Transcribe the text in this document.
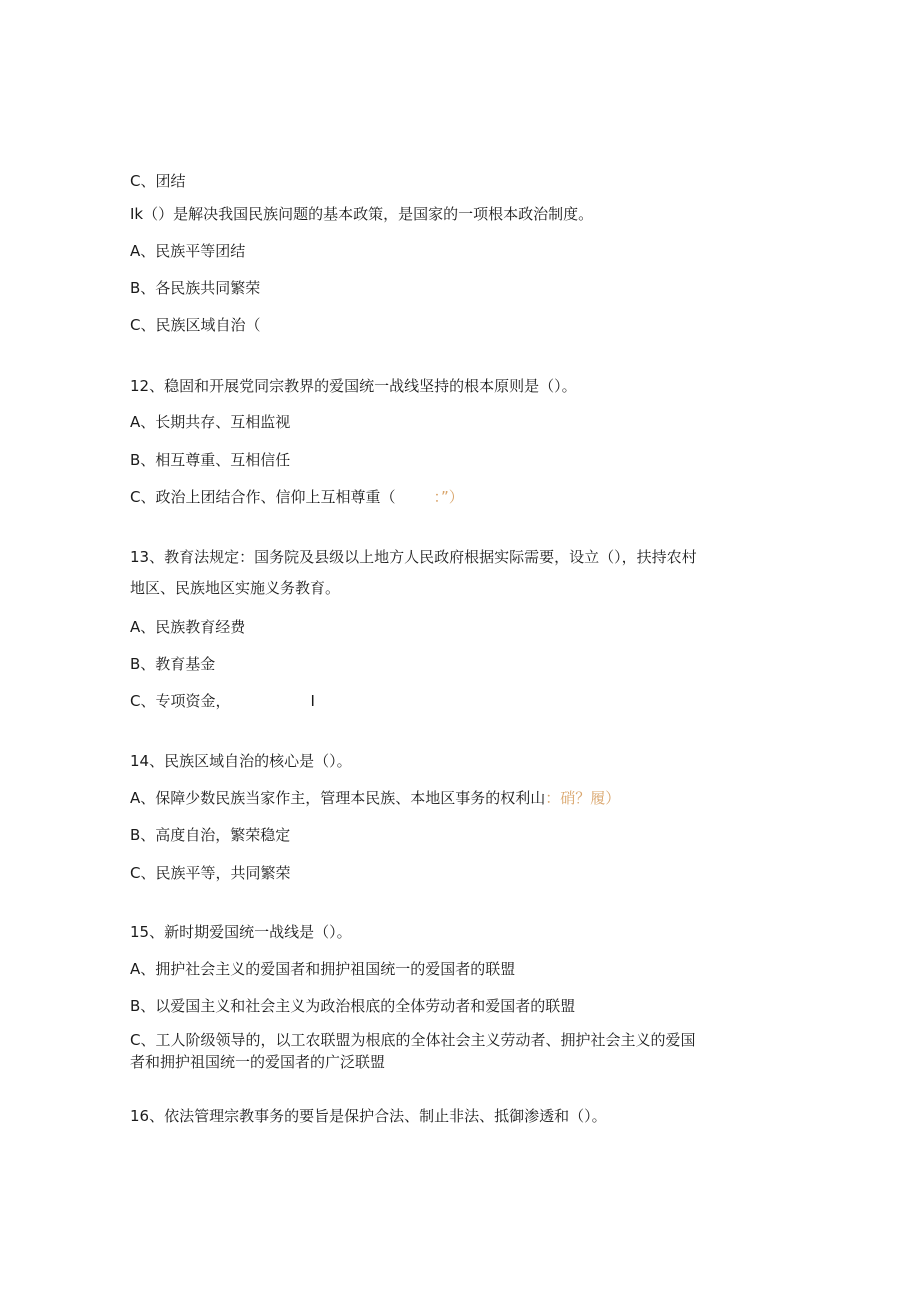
C、团结
Ik（）是解决我国民族问题的基本政策，是国家的一项根本政治制度。
A、民族平等团结
B、各民族共同繁荣
C、民族区域自治（
12、稳固和开展党同宗教界的爱国统一战线坚持的根本原则是（）。
A、长期共存、互相监视
B、相互尊重、互相信任
C、政治上团结合作、信仰上互相尊重（	：”）
13、教育法规定：国务院及县级以上地方人民政府根据实际需要，设立（），扶持农村
地区、民族地区实施义务教育。
A、民族教育经费
B、教育基金
C、专项资金，	I
14、民族区域自治的核心是（）。
A、保障少数民族当家作主，管理本民族、本地区事务的权利山：硝？履）
B、高度自治，繁荣稳定
C、民族平等，共同繁荣
15、新时期爱国统一战线是（）。
A、拥护社会主义的爱国者和拥护祖国统一的爱国者的联盟
B、以爱国主义和社会主义为政治根底的全体劳动者和爱国者的联盟
C、工人阶级领导的，以工农联盟为根底的全体社会主义劳动者、拥护社会主义的爱国
者和拥护祖国统一的爱国者的广泛联盟
16、依法管理宗教事务的要旨是保护合法、制止非法、抵御渗透和（）。
